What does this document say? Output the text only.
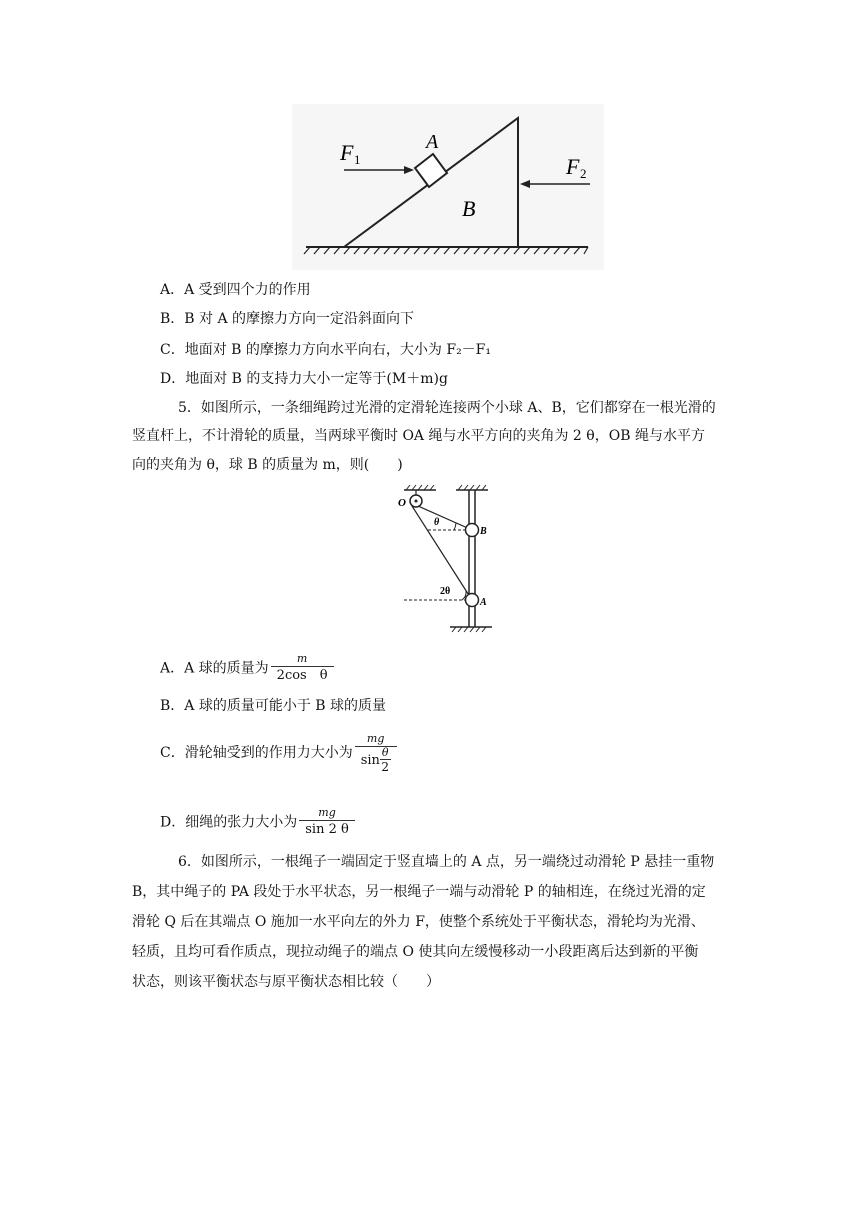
F 1
A
B
F 2
A．A 受到四个力的作用
B．B 对 A 的摩擦力方向一定沿斜面向下
C．地面对 B 的摩擦力方向水平向右，大小为 F₂－F₁
D．地面对 B 的支持力大小一定等于(M＋m)g
5．如图所示，一条细绳跨过光滑的定滑轮连接两个小球 A、B，它们都穿在一根光滑的
竖直杆上，不计滑轮的质量，当两球平衡时 OA 绳与水平方向的夹角为 2 θ，OB 绳与水平方
向的夹角为 θ，球 B 的质量为 m，则(　　)
O
θ
B
2θ
A
A．A 球的质量为 $\frac{m}{\text{2cos　θ}}$
B．A 球的质量可能小于 B 球的质量
C．滑轮轴受到的作用力大小为 $\frac{mg}{\sin \frac{\theta}{2}}$
D．细绳的张力大小为 $\frac{mg}{\sin 2 \theta}$
6．如图所示，一根绳子一端固定于竖直墙上的 A 点，另一端绕过动滑轮 P 悬挂一重物
B，其中绳子的 PA 段处于水平状态，另一根绳子一端与动滑轮 P 的轴相连，在绕过光滑的定
滑轮 Q 后在其端点 O 施加一水平向左的外力 F，使整个系统处于平衡状态，滑轮均为光滑、
轻质，且均可看作质点，现拉动绳子的端点 O 使其向左缓慢移动一小段距离后达到新的平衡
状态，则该平衡状态与原平衡状态相比较（　　）
